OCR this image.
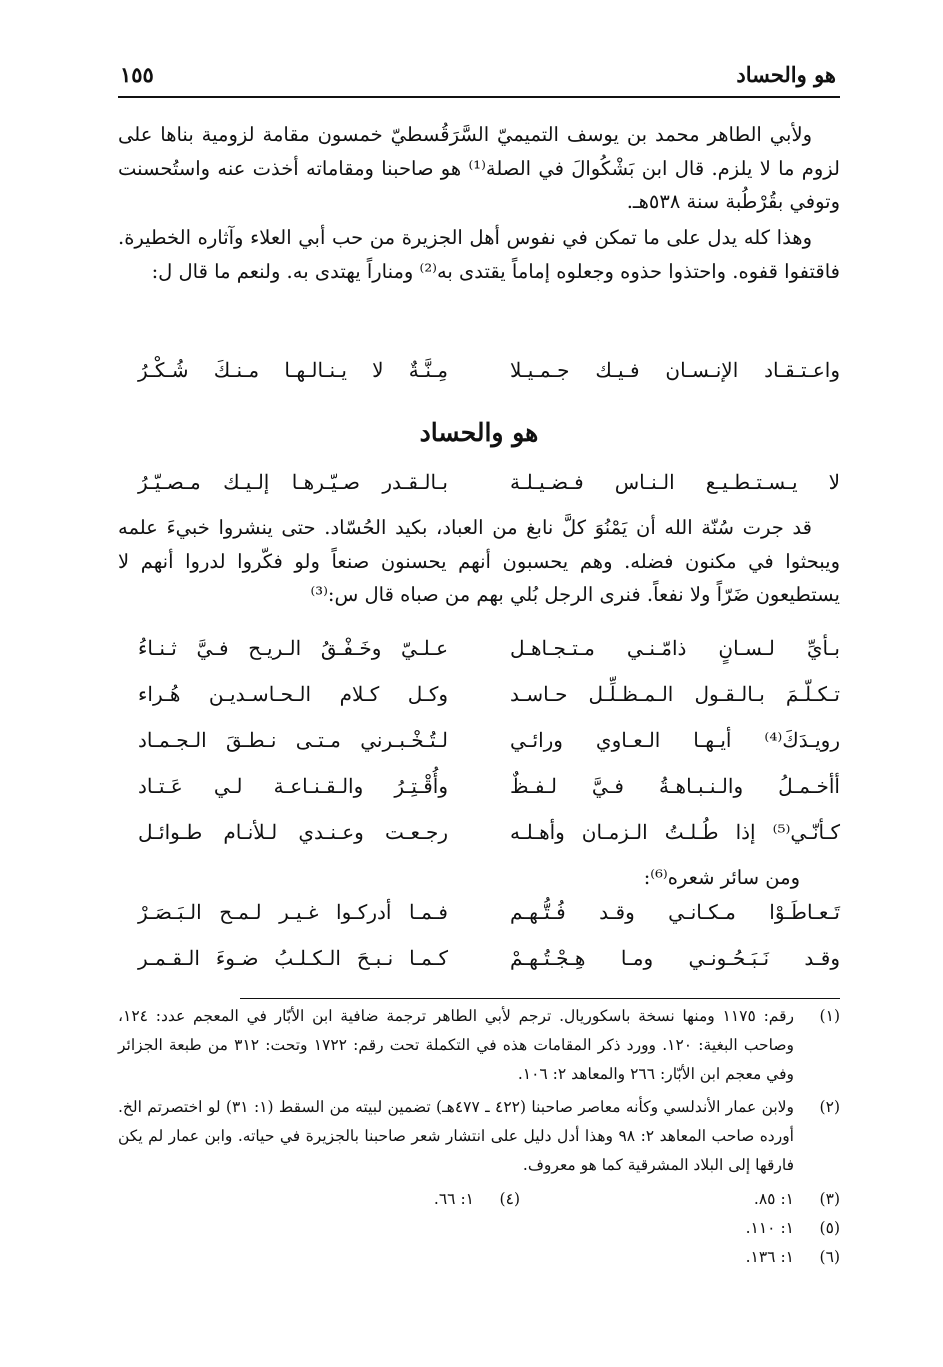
هو والحساد
١٥٥
ولأبي الطاهر محمد بن يوسف التميميّ السَّرَقُسطيّ خمسون مقامة لزومية بناها على لزوم ما لا يلزم. قال ابن بَشْكُوالَ في الصلة⁽¹⁾ هو صاحبنا ومقاماته أخذت عنه واستُحسنت وتوفي بقُرْطُبة سنة ٥٣٨هـ.
وهذا كله يدل على ما تمكن في نفوس أهل الجزيرة من حب أبي العلاء وآثاره الخطيرة. فاقتفوا قفوه. واحتذوا حذوه وجعلوه إماماً يقتدى به⁽²⁾ ومناراً يهتدى به. ولنعم ما قال ل:
واعـتـقـاد الإنـسـان فـيـك جـمـيـلا
مِـنَّـةٌ لا يـنـالـهـا مـنـكَ شُـكْـرُ
هو والحساد
لا يـسـتـطـيـع الـنـاس فـضـيـلـة
بـالـقـدر صـيّـرهـا إلـيـك مـصـيّـرُ
قد جرت سُنّة الله أن يَمْنُوَ كلَّ نابغ من العباد، بكيد الحُسّاد. حتى ينشروا خبيءَ علمه ويبحثوا في مكنون فضله. وهم يحسبون أنهم يحسنون صنعاً ولو فكّروا لدروا أنهم لا يستطيعون ضَرّاً ولا نفعاً. فنرى الرجل بُلي بهم من صباه قال س:⁽³⁾
بـأيِّ لـسـانٍ ذامّـنـي مـتـجـاهـل
عـلـيّ وخَـفْـقُ الـريـح فـيَّ ثـنـاءُ
تـكـلّـمَ بـالـقـول الـمـظـلِّـل حـاسـد
وكـل كـلام الـحـاسـديـن هُـراء
رويـدَكَ⁽⁴⁾ أيـهـا الـعـاوي ورائـي
لـتُـخْـبـرني مـتـى نـطـقَ الـجـمـاد
أأخـمـلُ والـنـبـاهـةُ فـيَّ لـفـظٌ
وأُقْـتِـرُ والـقـنـاعـة لـي عَـتـاد
كـأنّـي⁽⁵⁾ إذا طُـلـتُ الـزمـان وأهـلـه
رجـعـت وعـنـدي لـلأنـام طـوائـل
ومن سائر شعره⁽⁶⁾:
تَـعـاطَـوْا مـكـانـي وقـد فُـتُّـهـم
فـمـا أدركـوا غـيـر لـمـح الـبَـصَـرْ
وقـد نَـبَـحُـونـي ومـا هِـجْـتُـهـمْ
كـمـا نـبـحَ الـكـلـبُ ضـوءَ الـقـمـر
(١)
رقم: ١١٧٥ ومنها نسخة باسكوريال. ترجم لأبي الطاهر ترجمة ضافية ابن الأبّار في المعجم عدد: ١٢٤، وصاحب البغية: ١٢٠. وورد ذكر المقامات هذه في التكملة تحت رقم: ١٧٢٢ وتحت: ٣١٢ من طبعة الجزائر وفي معجم ابن الأبّار: ٢٦٦ والمعاهد ٢: ١٠٦.
(٢)
ولابن عمار الأندلسي وكأنه معاصر صاحبنا (٤٢٢ ـ ٤٧٧هـ) تضمين لبيته من السقط (١: ٣١) لو اختصرتم الخ. أورده صاحب المعاهد ٢: ٩٨ وهذا أدل دليل على انتشار شعر صاحبنا بالجزيرة في حياته. وابن عمار لم يكن فارقها إلى البلاد المشرقية كما هو معروف.
(٣)
١: ٨٥.
(٤)
١: ٦٦.
(٥)
١: ١١٠.
(٦)
١: ١٣٦.
